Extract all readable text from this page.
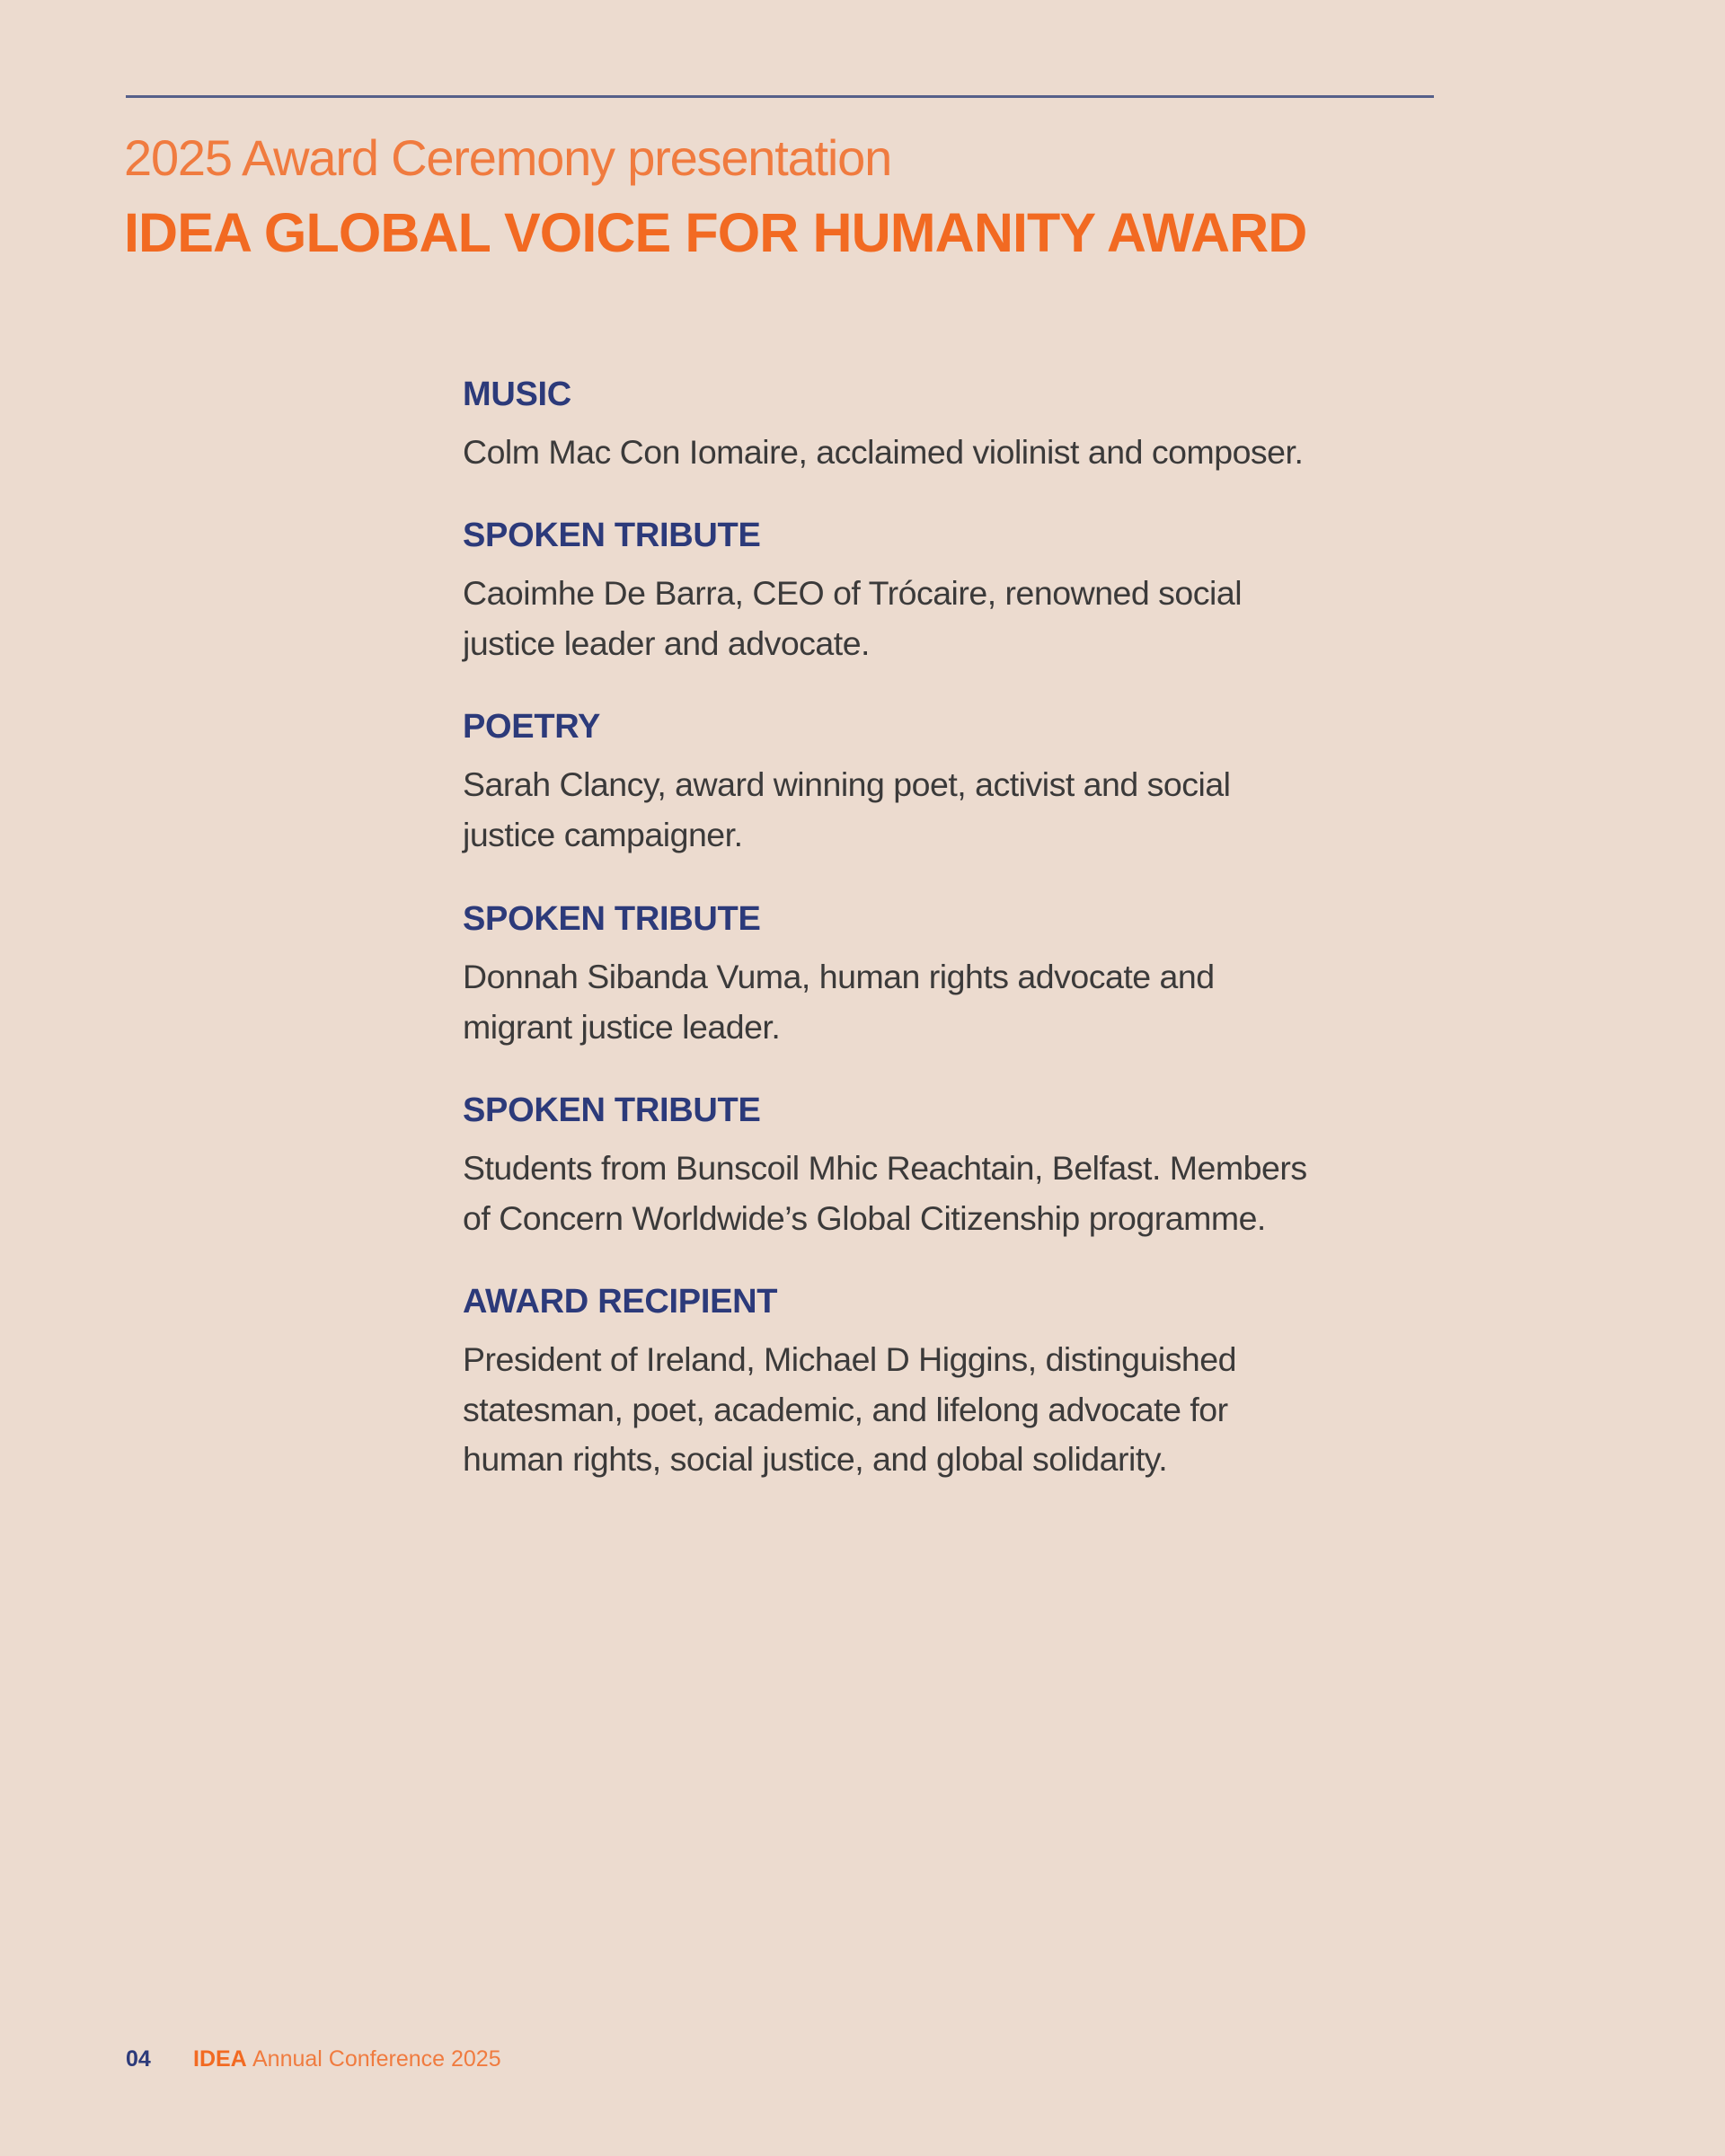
2025 Award Ceremony presentation
IDEA GLOBAL VOICE FOR HUMANITY AWARD
MUSIC
Colm Mac Con Iomaire, acclaimed violinist and composer.
SPOKEN TRIBUTE
Caoimhe De Barra, CEO of Trócaire, renowned social
justice leader and advocate.
POETRY
Sarah Clancy, award winning poet, activist and social
justice campaigner.
SPOKEN TRIBUTE
Donnah Sibanda Vuma, human rights advocate and
migrant justice leader.
SPOKEN TRIBUTE
Students from Bunscoil Mhic Reachtain, Belfast. Members
of Concern Worldwide’s Global Citizenship programme.
AWARD RECIPIENT
President of Ireland, Michael D Higgins, distinguished
statesman, poet, academic, and lifelong advocate for
human rights, social justice, and global solidarity.
04 IDEA Annual Conference 2025
